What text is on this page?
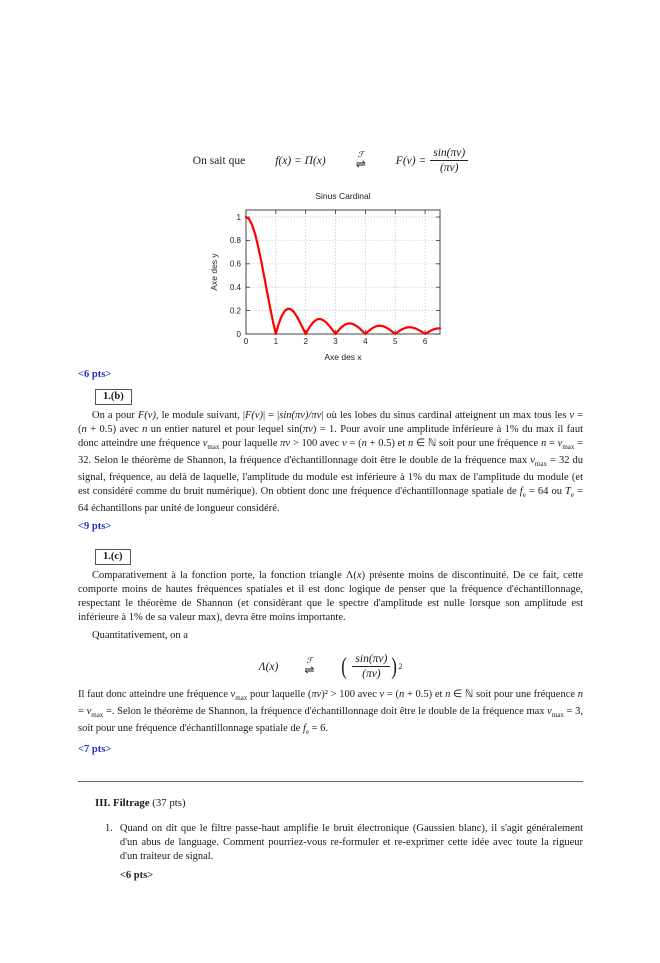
On sait que	f(x) = Π(x)	ℱ
⇌	$F(\nu) = \frac{\sin(\pi\nu)}{(\pi\nu)}$
0	1	2	3	4	5	6
0
0.2
0.4
0.6
0.8
1
Sinus Cardinal
Axe des x
Axe des y
<6 pts>
1.(b)

On a pour F(ν), le module suivant, |F(ν)| = |sin(πν)/πν| où les lobes du sinus cardinal atteignent un max tous les ν = (n + 0.5) avec n un entier naturel et pour lequel sin(πν) = 1. Pour avoir une amplitude inférieure à 1% du max il faut donc atteindre une fréquence $\nu_{max}$ pour laquelle πν > 100 avec ν = (n + 0.5) et n ∈ ℕ soit pour une fréquence $n = \nu_{max} = 32$. Selon le théorème de Shannon, la fréquence d'échantillonnage doit être le double de la fréquence $\max \nu_{max} = 32$ du signal, fréquence, au delà de laquelle, l'amplitude du module est inférieure à 1% du max de l'amplitude du module (et est considéré comme du bruit numérique). On obtient donc une fréquence d'échantillonnage spatiale de $f_e = 64$ ou $T_e = 64$ échantillons par unité de longueur considéré.

<9 pts>
1.(c)

Comparativement à la fonction porte, la fonction triangle Λ(x) présente moins de discontinuité. De ce fait, cette comporte moins de hautes fréquences spatiales et il est donc logique de penser que la fréquence d'échantillonnage, respectant le théorème de Shannon (et considèrant que le spectre d'amplitude est nulle lorsque son amplitude est inférieure à 1% de sa valeur max), devra être moins importante.

Quantitativement, on a

Λ(x)	ℱ
⇌ ( $\frac{\sin(\pi\nu)}{(\pi\nu)}$ ) 2

Il faut donc atteindre une fréquence $\nu_{max}$ pour laquelle (πν)² > 100 avec ν = (n + 0.5) et n ∈ ℕ soit pour une fréquence $n = \nu_{max}$ =. Selon le théorème de Shannon, la fréquence d'échantillonnage doit être le double de la fréquence $\max \nu_{max} = 3$, soit pour une fréquence d'échantillonnage spatiale de $f_e = 6$.

<7 pts>
III. Filtrage (37 pts)
1. Quand on dit que le filtre passe-haut amplifie le bruit électronique (Gaussien blanc), il s'agit généralement d'un abus de language. Comment pourriez-vous re-formuler et re-exprimer cette idée avec toute la rigueur d'un traiteur de signal.
<6 pts>
